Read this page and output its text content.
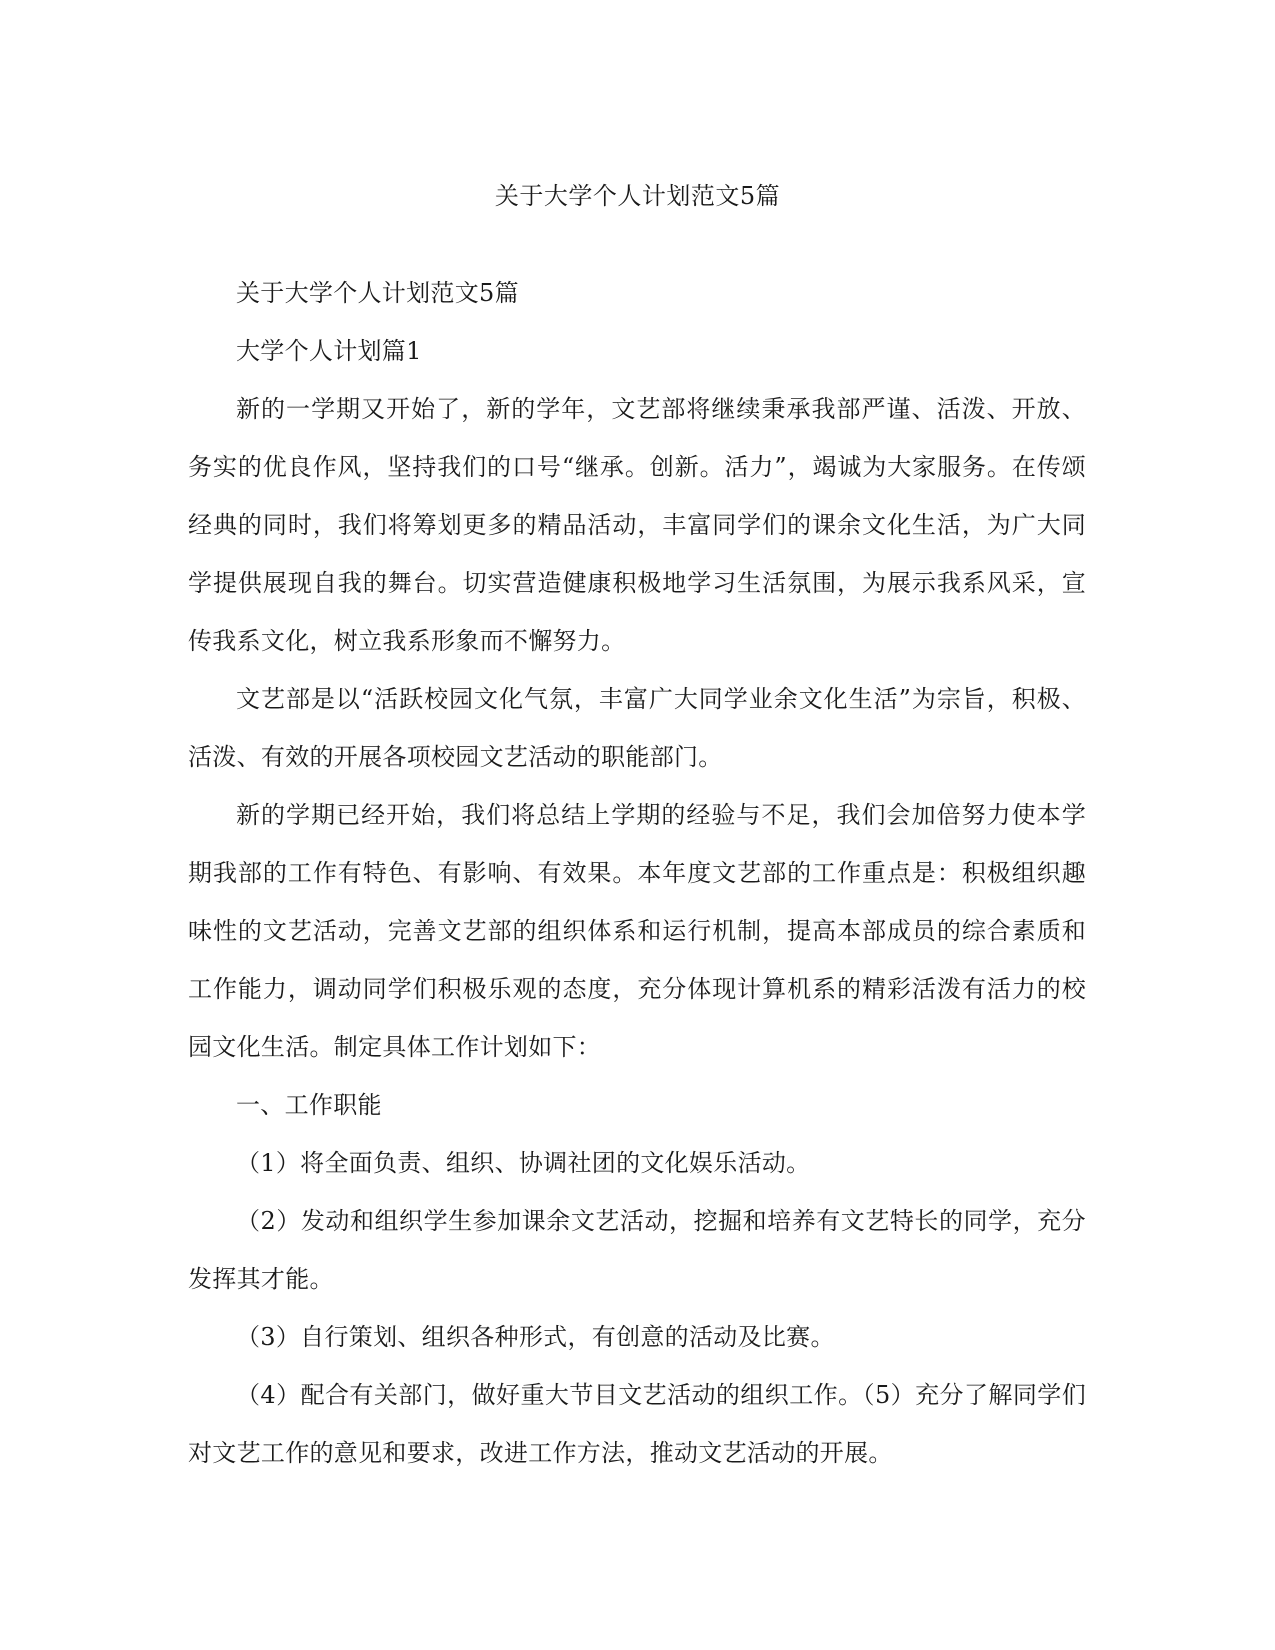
关于大学个人计划范文5篇

关于大学个人计划范文5篇

大学个人计划篇1

新的一学期又开始了，新的学年，文艺部将继续秉承我部严谨、活泼、开放、务实的优良作风，坚持我们的口号“继承。创新。活力”，竭诚为大家服务。在传颂经典的同时，我们将筹划更多的精品活动，丰富同学们的课余文化生活，为广大同学提供展现自我的舞台。切实营造健康积极地学习生活氛围，为展示我系风采，宣传我系文化，树立我系形象而不懈努力。

文艺部是以“活跃校园文化气氛，丰富广大同学业余文化生活”为宗旨，积极、活泼、有效的开展各项校园文艺活动的职能部门。

新的学期已经开始，我们将总结上学期的经验与不足，我们会加倍努力使本学期我部的工作有特色、有影响、有效果。本年度文艺部的工作重点是：积极组织趣味性的文艺活动，完善文艺部的组织体系和运行机制，提高本部成员的综合素质和工作能力，调动同学们积极乐观的态度，充分体现计算机系的精彩活泼有活力的校园文化生活。制定具体工作计划如下：

一、工作职能

（1）将全面负责、组织、协调社团的文化娱乐活动。

（2）发动和组织学生参加课余文艺活动，挖掘和培养有文艺特长的同学，充分发挥其才能。

（3）自行策划、组织各种形式，有创意的活动及比赛。

（4）配合有关部门，做好重大节目文艺活动的组织工作。（5）充分了解同学们对文艺工作的意见和要求，改进工作方法，推动文艺活动的开展。
